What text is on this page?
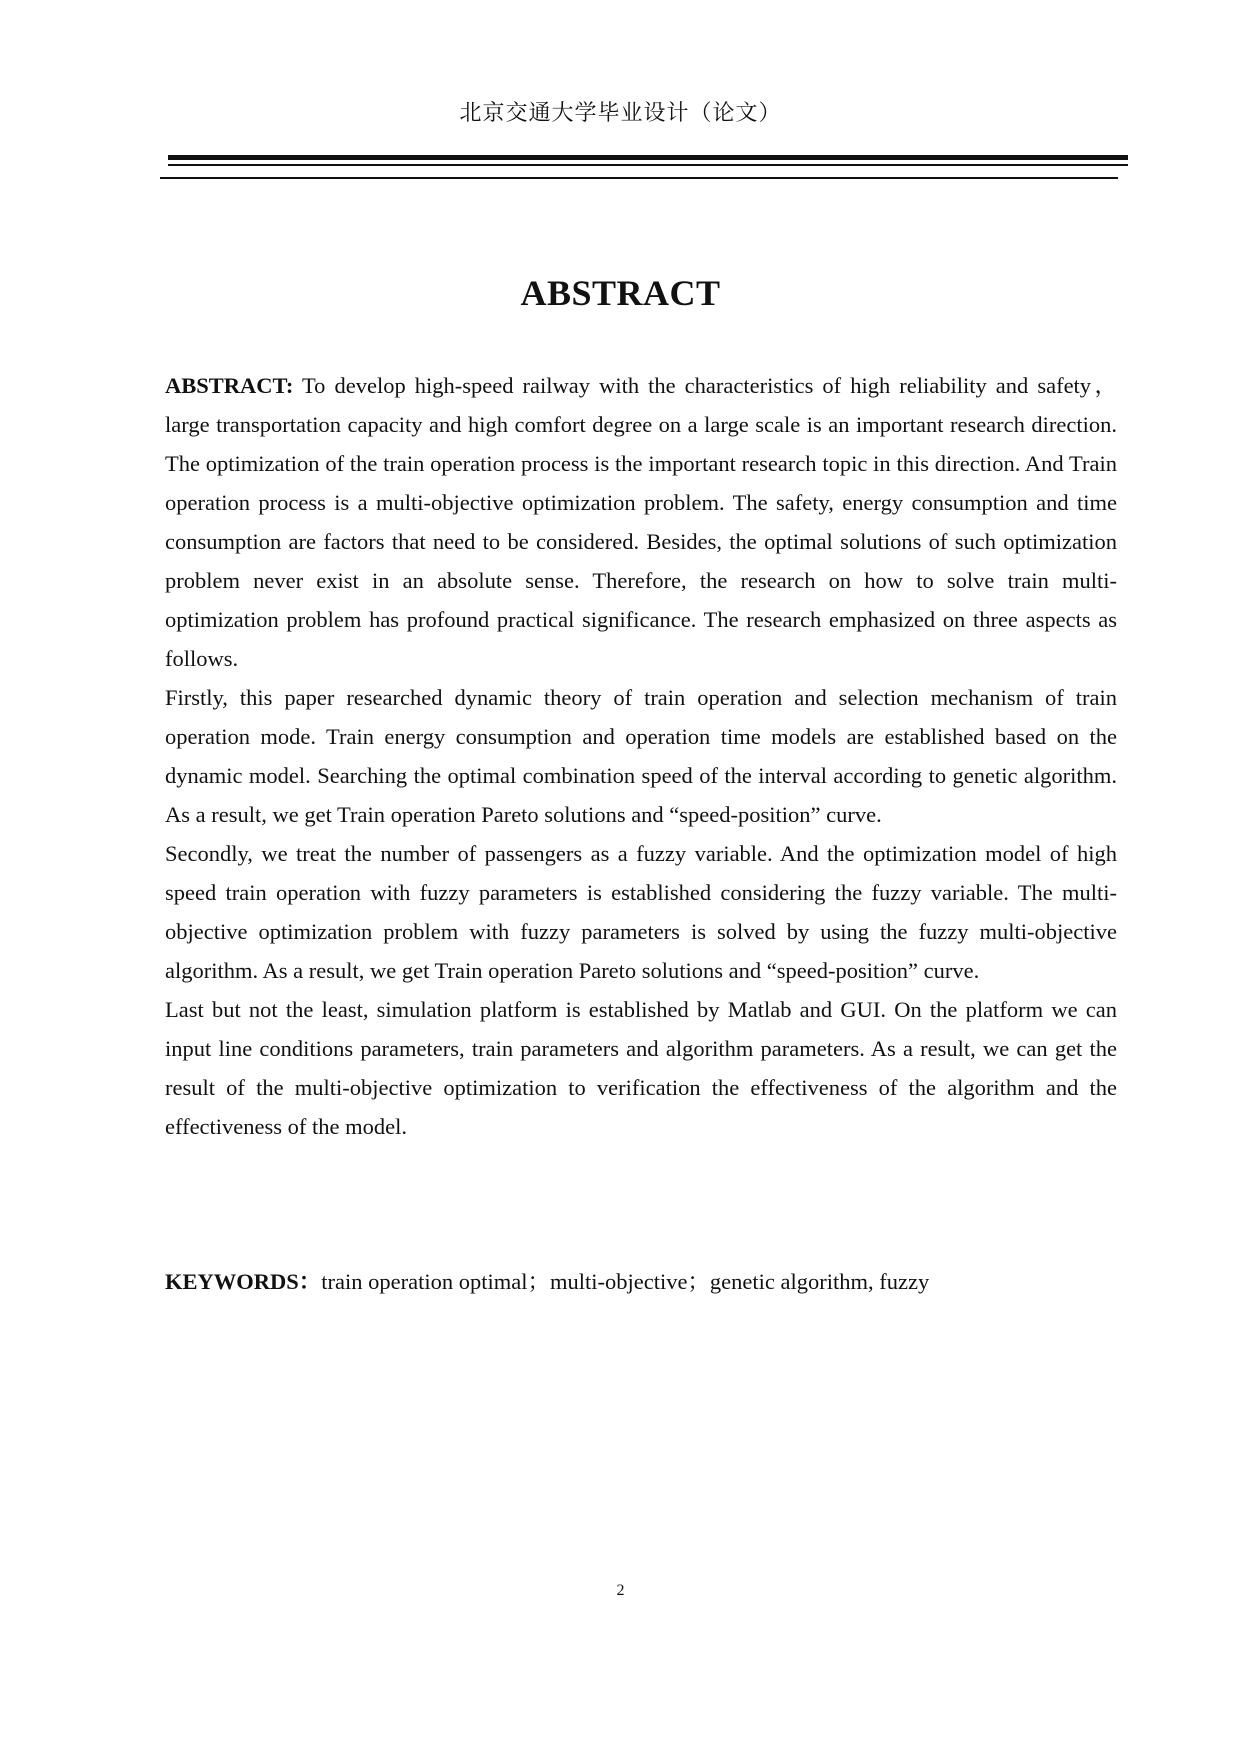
北京交通大学毕业设计（论文）
ABSTRACT

ABSTRACT: To develop high-speed railway with the characteristics of high reliability and safety， large transportation capacity and high comfort degree on a large scale is an important research direction. The optimization of the train operation process is the important research topic in this direction. And Train operation process is a multi-objective optimization problem. The safety, energy consumption and time consumption are factors that need to be considered. Besides, the optimal solutions of such optimization problem never exist in an absolute sense. Therefore, the research on how to solve train multi-optimization problem has profound practical significance. The research emphasized on three aspects as follows.

Firstly, this paper researched dynamic theory of train operation and selection mechanism of train operation mode. Train energy consumption and operation time models are established based on the dynamic model. Searching the optimal combination speed of the interval according to genetic algorithm. As a result, we get Train operation Pareto solutions and “speed-position” curve.

Secondly, we treat the number of passengers as a fuzzy variable. And the optimization model of high speed train operation with fuzzy parameters is established considering the fuzzy variable. The multi-objective optimization problem with fuzzy parameters is solved by using the fuzzy multi-objective algorithm. As a result, we get Train operation Pareto solutions and “speed-position” curve.

Last but not the least, simulation platform is established by Matlab and GUI. On the platform we can input line conditions parameters, train parameters and algorithm parameters. As a result, we can get the result of the multi-objective optimization to verification the effectiveness of the algorithm and the effectiveness of the model.

KEYWORDS：train operation optimal；multi-objective；genetic algorithm, fuzzy
2
